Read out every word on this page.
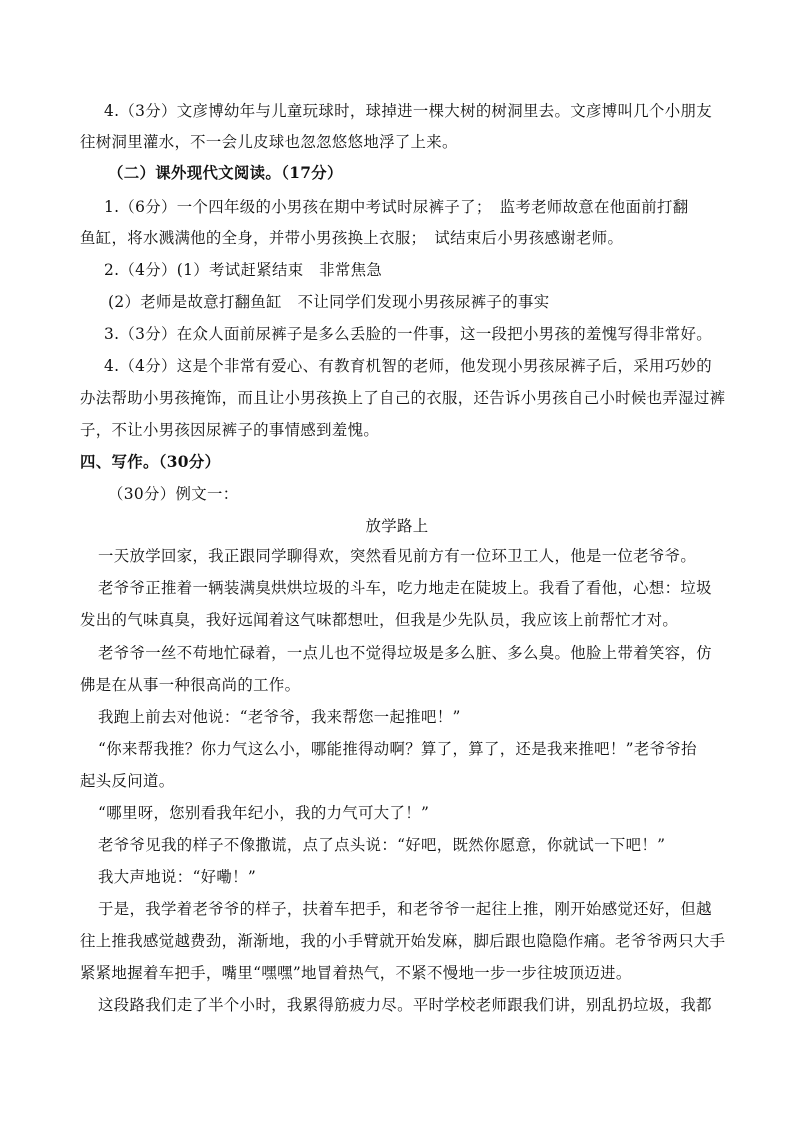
4.（3分）文彦博幼年与儿童玩球时，球掉进一棵大树的树洞里去。文彦博叫几个小朋友
往树洞里灌水，不一会儿皮球也忽忽悠悠地浮了上来。
（二）课外现代文阅读。（17分）
1.（6分）一个四年级的小男孩在期中考试时尿裤子了；　监考老师故意在他面前打翻
鱼缸，将水溅满他的全身，并带小男孩换上衣服；　试结束后小男孩感谢老师。
2.（4分）(1）考试赶紧结束　非常焦急
(2）老师是故意打翻鱼缸　不让同学们发现小男孩尿裤子的事实
3.（3分）在众人面前尿裤子是多么丢脸的一件事，这一段把小男孩的羞愧写得非常好。
4.（4分）这是个非常有爱心、有教育机智的老师，他发现小男孩尿裤子后，采用巧妙的
办法帮助小男孩掩饰，而且让小男孩换上了自己的衣服，还告诉小男孩自己小时候也弄湿过裤
子，不让小男孩因尿裤子的事情感到羞愧。
四、写作。（30分）
（30分）例文一：
放学路上
一天放学回家，我正跟同学聊得欢，突然看见前方有一位环卫工人，他是一位老爷爷。
老爷爷正推着一辆装满臭烘烘垃圾的斗车，吃力地走在陡坡上。我看了看他，心想：垃圾
发出的气味真臭，我好远闻着这气味都想吐，但我是少先队员，我应该上前帮忙才对。
老爷爷一丝不苟地忙碌着，一点儿也不觉得垃圾是多么脏、多么臭。他脸上带着笑容，仿
佛是在从事一种很高尚的工作。
我跑上前去对他说：“老爷爷，我来帮您一起推吧！”
“你来帮我推？你力气这么小，哪能推得动啊？算了，算了，还是我来推吧！”老爷爷抬
起头反问道。
“哪里呀，您别看我年纪小，我的力气可大了！”
老爷爷见我的样子不像撒谎，点了点头说：“好吧，既然你愿意，你就试一下吧！”
我大声地说：“好嘞！”
于是，我学着老爷爷的样子，扶着车把手，和老爷爷一起往上推，刚开始感觉还好，但越
往上推我感觉越费劲，渐渐地，我的小手臂就开始发麻，脚后跟也隐隐作痛。老爷爷两只大手
紧紧地握着车把手，嘴里“嘿嘿”地冒着热气，不紧不慢地一步一步往坡顶迈进。
这段路我们走了半个小时，我累得筋疲力尽。平时学校老师跟我们讲，别乱扔垃圾，我都
